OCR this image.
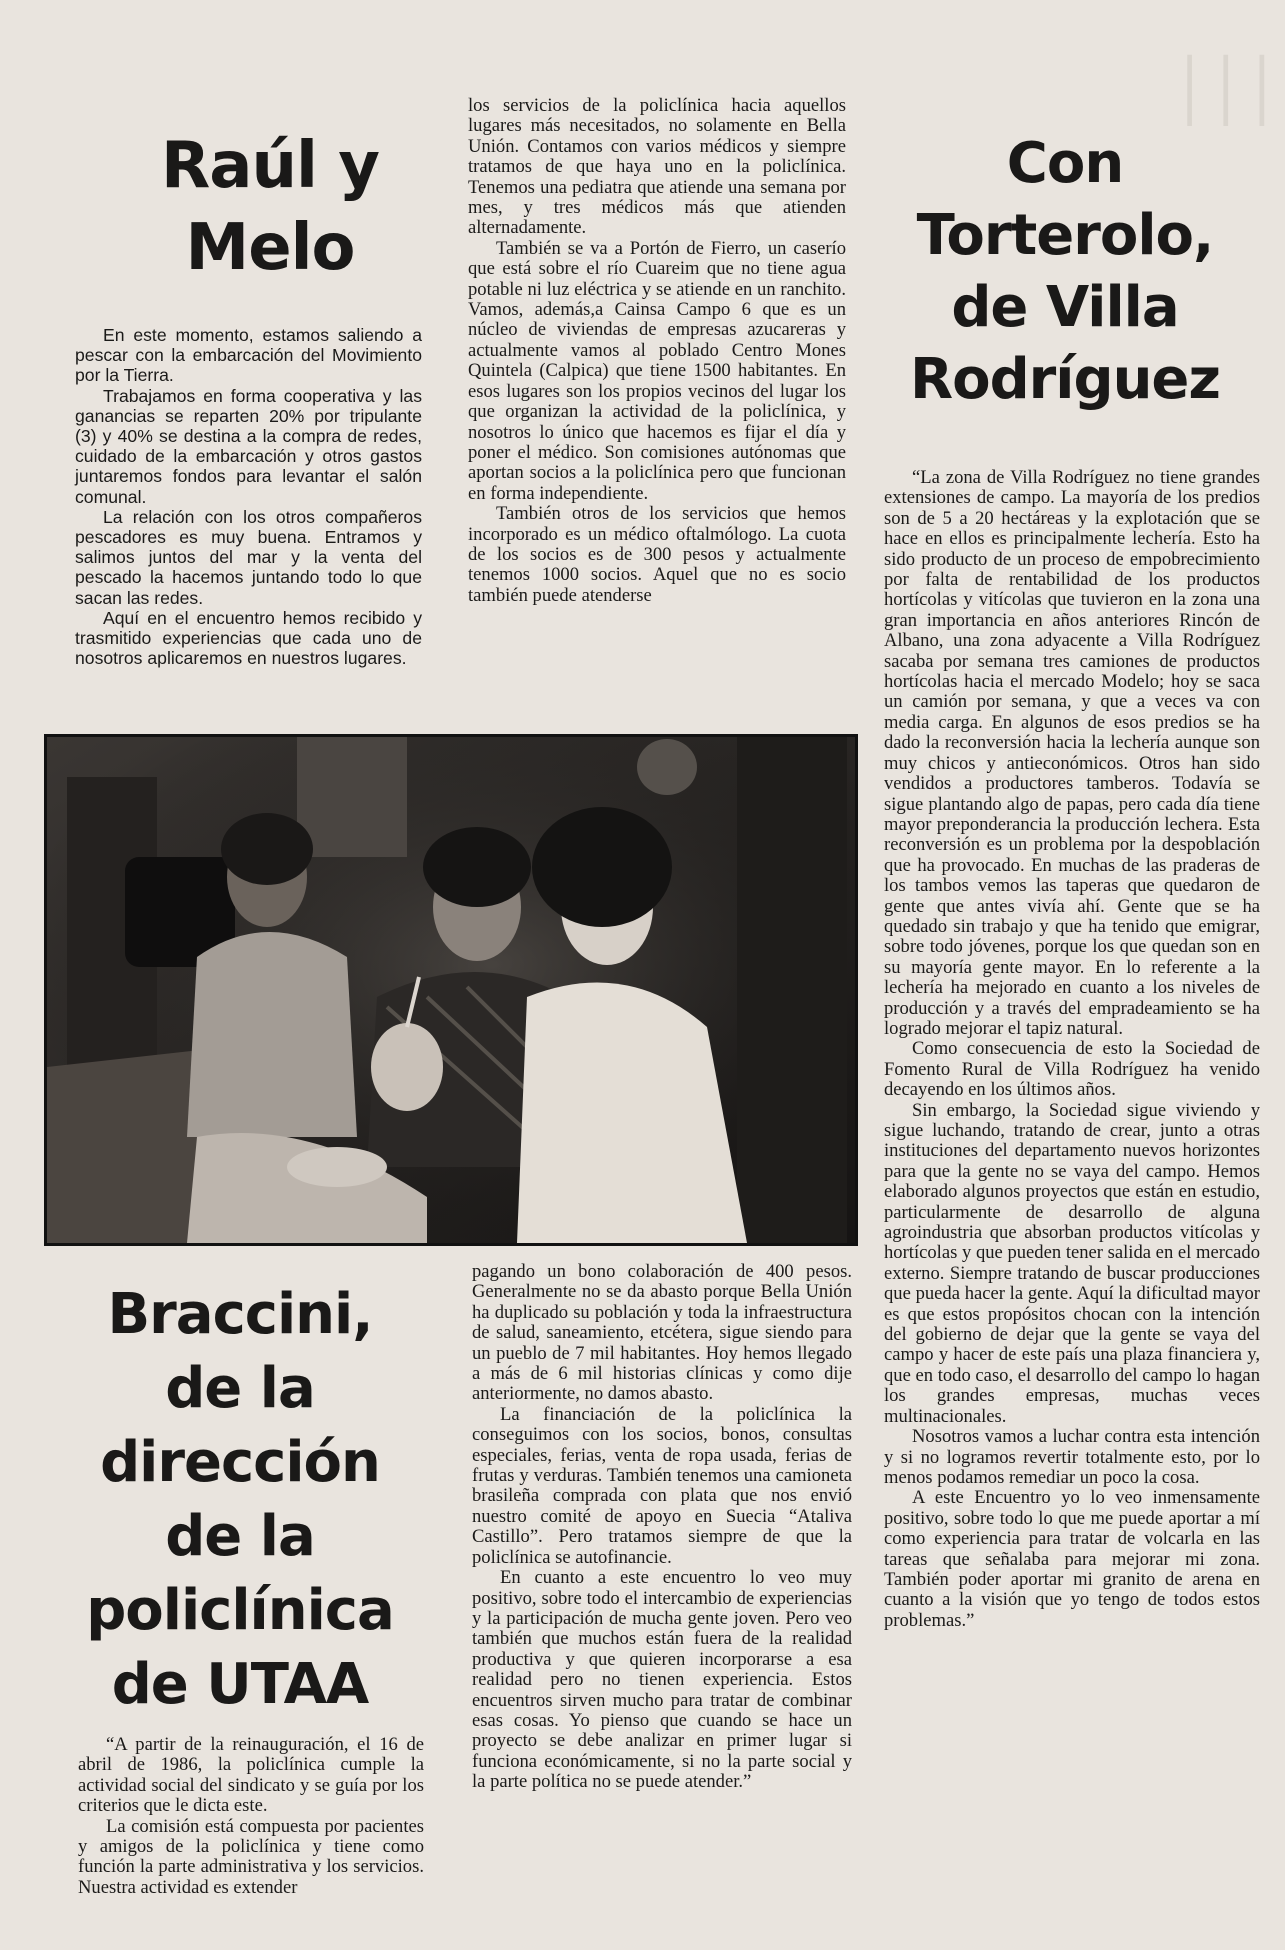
│││
Raúl y
Melo

En este momento, estamos saliendo a pescar con la embarcación del Movimiento por la Tierra.

Trabajamos en forma cooperativa y las ganancias se reparten 20% por tripulante (3) y 40% se destina a la compra de redes, cuidado de la embarcación y otros gastos juntaremos fondos para levantar el salón comunal.

La relación con los otros compañeros pescadores es muy buena. Entramos y salimos juntos del mar y la venta del pescado la hacemos juntando todo lo que sacan las redes.

Aquí en el encuentro hemos recibido y trasmitido experiencias que cada uno de nosotros aplicaremos en nuestros lugares.

los servicios de la policlínica hacia aquellos lugares más necesitados, no solamente en Bella Unión. Contamos con varios médicos y siempre tratamos de que haya uno en la policlínica. Tenemos una pediatra que atiende una semana por mes, y tres médicos más que atienden alternadamente.

También se va a Portón de Fierro, un caserío que está sobre el río Cuareim que no tiene agua potable ni luz eléctrica y se atiende en un ranchito. Vamos, además,a Cainsa Campo 6 que es un núcleo de viviendas de empresas azucareras y actualmente vamos al poblado Centro Mones Quintela (Calpica) que tiene 1500 habitantes. En esos lugares son los propios vecinos del lugar los que organizan la actividad de la policlínica, y nosotros lo único que hacemos es fijar el día y poner el médico. Son comisiones autónomas que aportan socios a la policlínica pero que funcionan en forma independiente.

También otros de los servicios que hemos incorporado es un médico oftalmólogo. La cuota de los socios es de 300 pesos y actualmente tenemos 1000 socios. Aquel que no es socio también puede atenderse

Con
Torterolo,
de Villa
Rodríguez

“La zona de Villa Rodríguez no tiene grandes extensiones de campo. La mayoría de los predios son de 5 a 20 hectáreas y la explotación que se hace en ellos es principalmente lechería. Esto ha sido producto de un proceso de empobrecimiento por falta de rentabilidad de los productos hortícolas y vitícolas que tuvieron en la zona una gran importancia en años anteriores Rincón de Albano, una zona adyacente a Villa Rodríguez sacaba por semana tres camiones de productos hortícolas hacia el mercado Modelo; hoy se saca un camión por semana, y que a veces va con media carga. En algunos de esos predios se ha dado la reconversión hacia la lechería aunque son muy chicos y antieconómicos. Otros han sido vendidos a productores tamberos. Todavía se sigue plantando algo de papas, pero cada día tiene mayor preponderancia la producción lechera. Esta reconversión es un problema por la despoblación que ha provocado. En muchas de las praderas de los tambos vemos las taperas que quedaron de gente que antes vivía ahí. Gente que se ha quedado sin trabajo y que ha tenido que emigrar, sobre todo jóvenes, porque los que quedan son en su mayoría gente mayor. En lo referente a la lechería ha mejorado en cuanto a los niveles de producción y a través del empradeamiento se ha logrado mejorar el tapiz natural.

Como consecuencia de esto la Sociedad de Fomento Rural de Villa Rodríguez ha venido decayendo en los últimos años.

Sin embargo, la Sociedad sigue viviendo y sigue luchando, tratando de crear, junto a otras instituciones del departamento nuevos horizontes para que la gente no se vaya del campo. Hemos elaborado algunos proyectos que están en estudio, particularmente de desarrollo de alguna agroindustria que absorban productos vitícolas y hortícolas y que pueden tener salida en el mercado externo. Siempre tratando de buscar producciones que pueda hacer la gente. Aquí la dificultad mayor es que estos propósitos chocan con la intención del gobierno de dejar que la gente se vaya del campo y hacer de este país una plaza financiera y, que en todo caso, el desarrollo del campo lo hagan los grandes empresas, muchas veces multinacionales.

Nosotros vamos a luchar contra esta intención y si no logramos revertir totalmente esto, por lo menos podamos remediar un poco la cosa.

A este Encuentro yo lo veo inmensamente positivo, sobre todo lo que me puede aportar a mí como experiencia para tratar de volcarla en las tareas que señalaba para mejorar mi zona. También poder aportar mi granito de arena en cuanto a la visión que yo tengo de todos estos problemas.”

Braccini,
de la
dirección
de la
policlínica
de UTAA

“A partir de la reinauguración, el 16 de abril de 1986, la policlínica cumple la actividad social del sindicato y se guía por los criterios que le dicta este.

La comisión está compuesta por pacientes y amigos de la policlínica y tiene como función la parte administrativa y los servicios. Nuestra actividad es extender

pagando un bono colaboración de 400 pesos. Generalmente no se da abasto porque Bella Unión ha duplicado su población y toda la infraestructura de salud, saneamiento, etcétera, sigue siendo para un pueblo de 7 mil habitantes. Hoy hemos llegado a más de 6 mil historias clínicas y como dije anteriormente, no damos abasto.

La financiación de la policlínica la conseguimos con los socios, bonos, consultas especiales, ferias, venta de ropa usada, ferias de frutas y verduras. También tenemos una camioneta brasileña comprada con plata que nos envió nuestro comité de apoyo en Suecia “Ataliva Castillo”. Pero tratamos siempre de que la policlínica se autofinancie.

En cuanto a este encuentro lo veo muy positivo, sobre todo el intercambio de experiencias y la participación de mucha gente joven. Pero veo también que muchos están fuera de la realidad productiva y que quieren incorporarse a esa realidad pero no tienen experiencia. Estos encuentros sirven mucho para tratar de combinar esas cosas. Yo pienso que cuando se hace un proyecto se debe analizar en primer lugar si funciona económicamente, si no la parte social y la parte política no se puede atender.”
